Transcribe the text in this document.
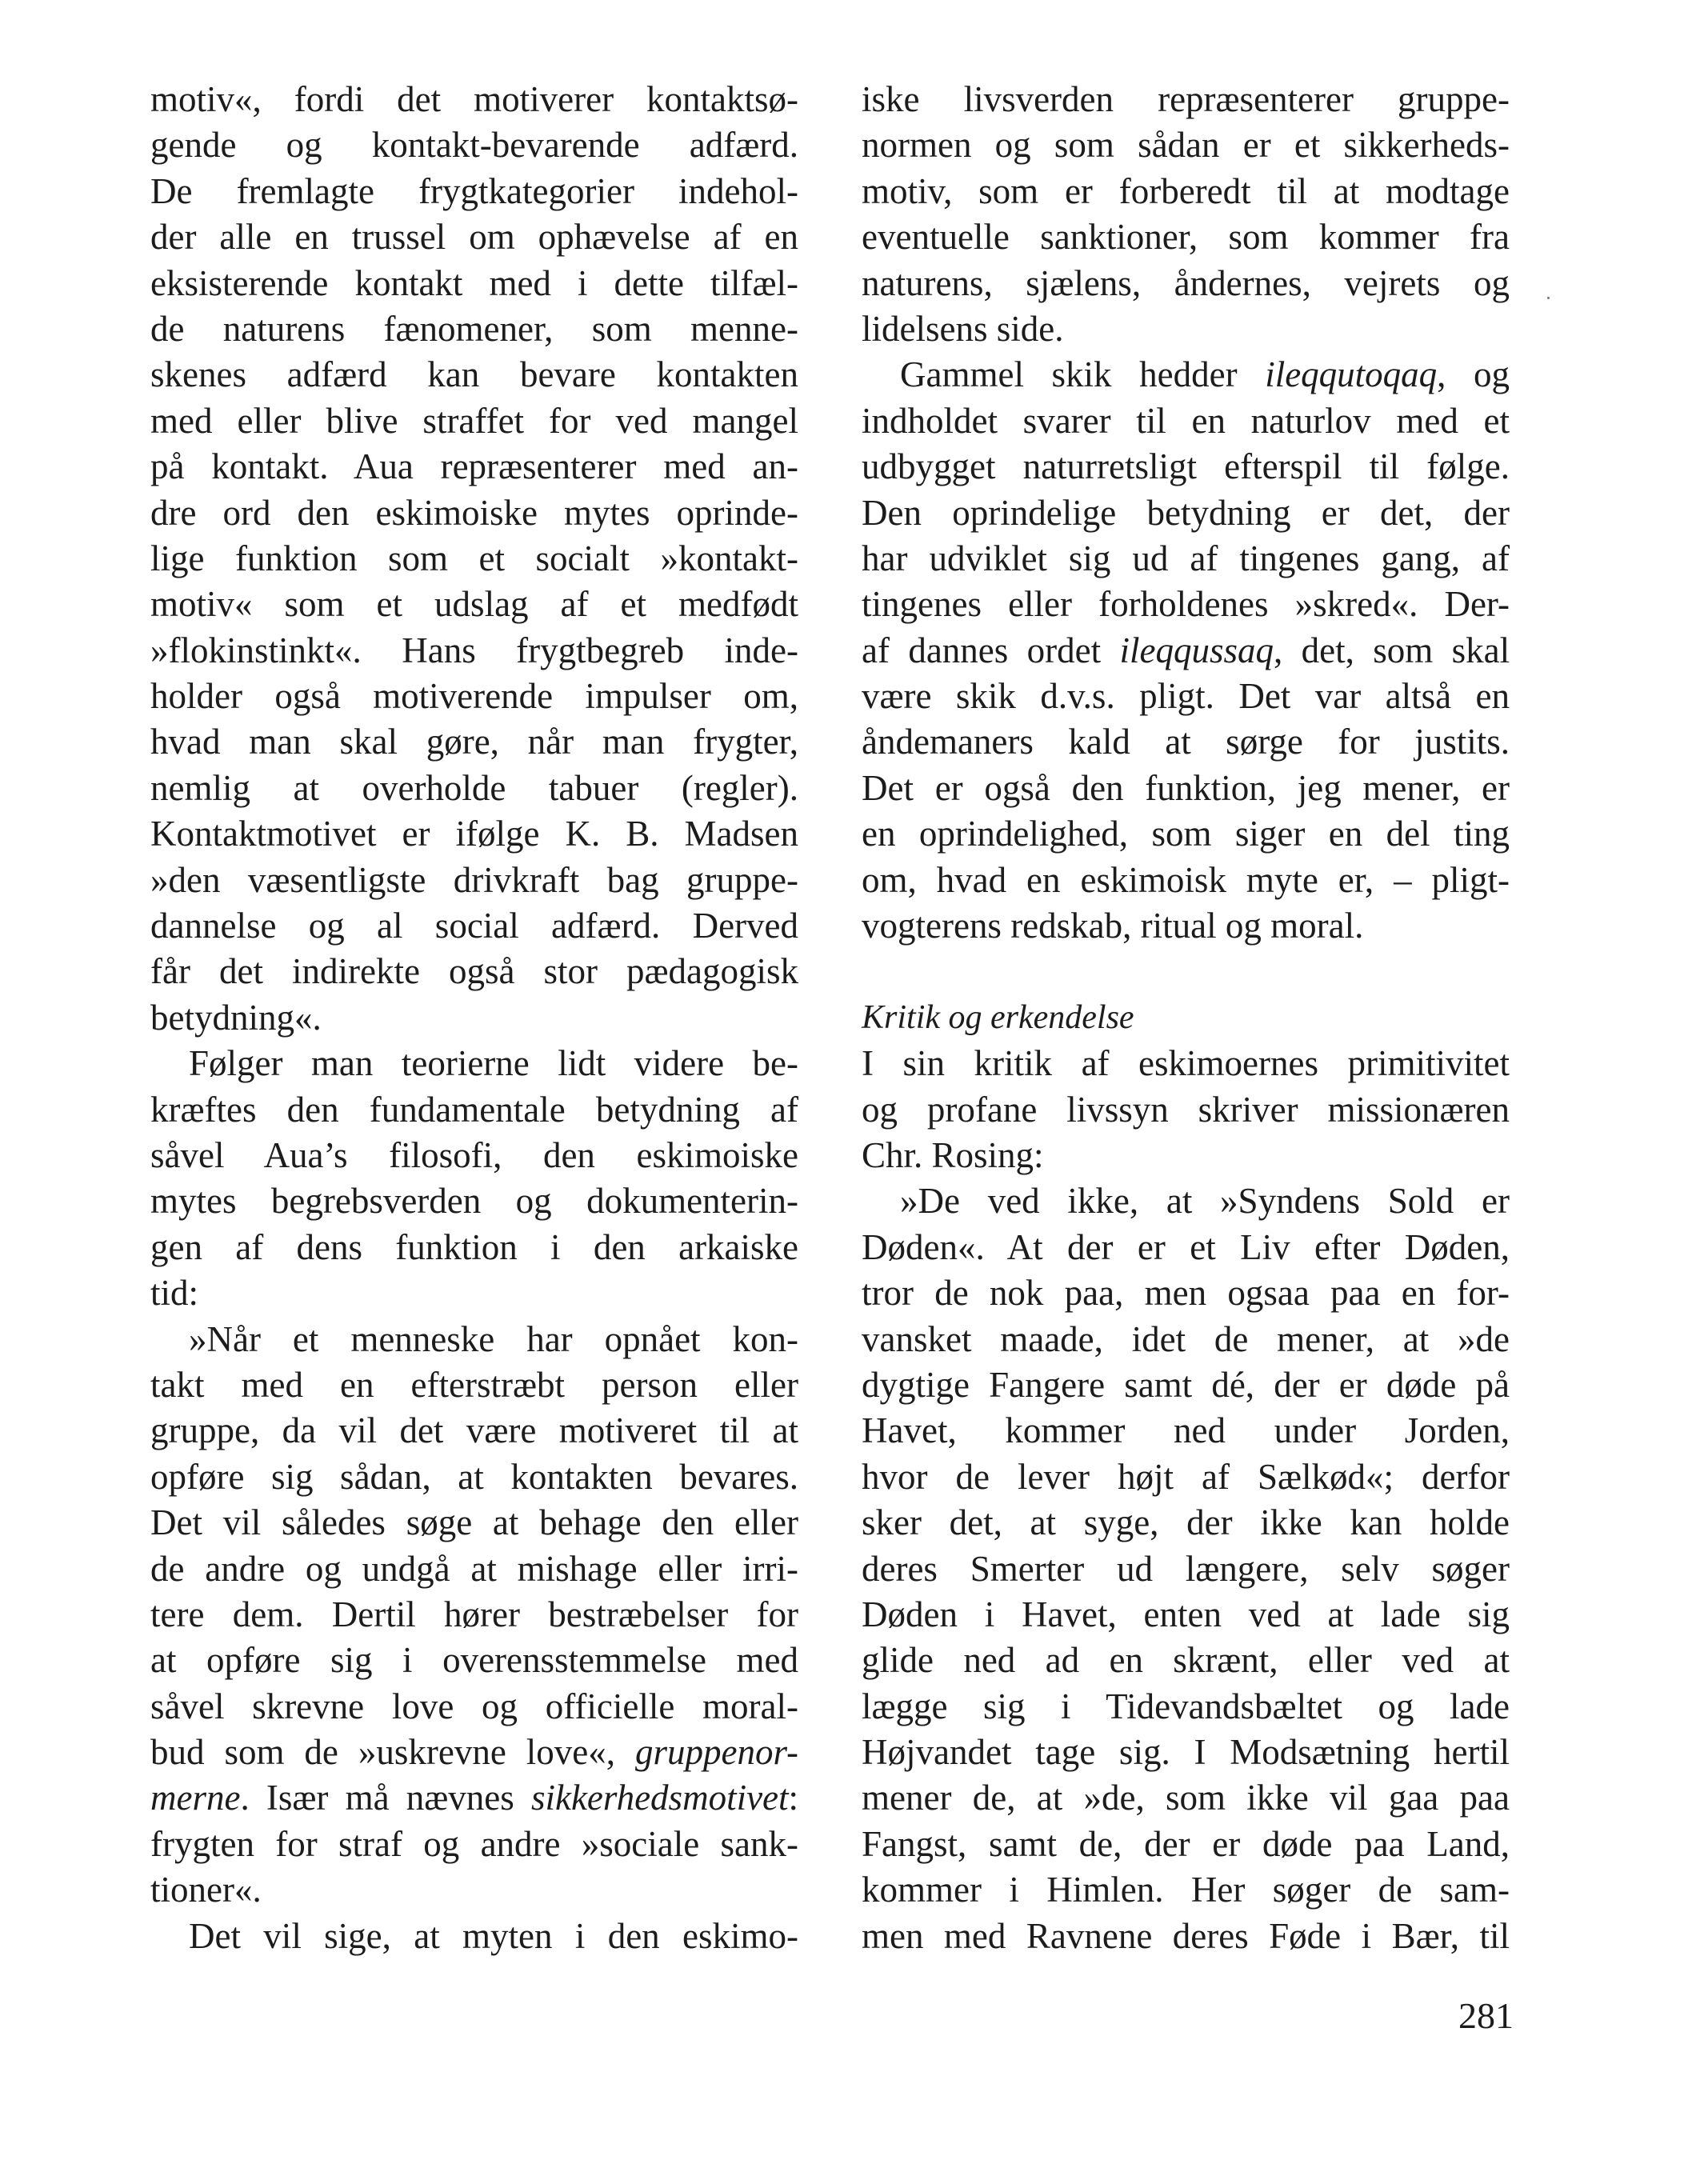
motiv«, fordi det motiverer kontaktsø-
gende og kontakt-bevarende adfærd.
De fremlagte frygtkategorier indehol-
der alle en trussel om ophævelse af en
eksisterende kontakt med i dette tilfæl-
de naturens fænomener, som menne-
skenes adfærd kan bevare kontakten
med eller blive straffet for ved mangel
på kontakt. Aua repræsenterer med an-
dre ord den eskimoiske mytes oprinde-
lige funktion som et socialt »kontakt-
motiv« som et udslag af et medfødt
»flokinstinkt«. Hans frygtbegreb inde-
holder også motiverende impulser om,
hvad man skal gøre, når man frygter,
nemlig at overholde tabuer (regler).
Kontaktmotivet er ifølge K. B. Madsen
»den væsentligste drivkraft bag gruppe-
dannelse og al social adfærd. Derved
får det indirekte også stor pædagogisk
betydning«.
Følger man teorierne lidt videre be-
kræftes den fundamentale betydning af
såvel Aua’s filosofi, den eskimoiske
mytes begrebsverden og dokumenterin-
gen af dens funktion i den arkaiske
tid:
»Når et menneske har opnået kon-
takt med en efterstræbt person eller
gruppe, da vil det være motiveret til at
opføre sig sådan, at kontakten bevares.
Det vil således søge at behage den eller
de andre og undgå at mishage eller irri-
tere dem. Dertil hører bestræbelser for
at opføre sig i overensstemmelse med
såvel skrevne love og officielle moral-
bud som de »uskrevne love«, gruppenor-
merne. Især må nævnes sikkerhedsmotivet:
frygten for straf og andre »sociale sank-
tioner«.
Det vil sige, at myten i den eskimo-
iske livsverden repræsenterer gruppe-
normen og som sådan er et sikkerheds-
motiv, som er forberedt til at modtage
eventuelle sanktioner, som kommer fra
naturens, sjælens, åndernes, vejrets og
lidelsens side.
Gammel skik hedder ileqqutoqaq, og
indholdet svarer til en naturlov med et
udbygget naturretsligt efterspil til følge.
Den oprindelige betydning er det, der
har udviklet sig ud af tingenes gang, af
tingenes eller forholdenes »skred«. Der-
af dannes ordet ileqqussaq, det, som skal
være skik d.v.s. pligt. Det var altså en
åndemaners kald at sørge for justits.
Det er også den funktion, jeg mener, er
en oprindelighed, som siger en del ting
om, hvad en eskimoisk myte er, – pligt-
vogterens redskab, ritual og moral.
Kritik og erkendelse
I sin kritik af eskimoernes primitivitet
og profane livssyn skriver missionæren
Chr. Rosing:
»De ved ikke, at »Syndens Sold er
Døden«. At der er et Liv efter Døden,
tror de nok paa, men ogsaa paa en for-
vansket maade, idet de mener, at »de
dygtige Fangere samt dé, der er døde på
Havet, kommer ned under Jorden,
hvor de lever højt af Sælkød«; derfor
sker det, at syge, der ikke kan holde
deres Smerter ud længere, selv søger
Døden i Havet, enten ved at lade sig
glide ned ad en skrænt, eller ved at
lægge sig i Tidevandsbæltet og lade
Højvandet tage sig. I Modsætning hertil
mener de, at »de, som ikke vil gaa paa
Fangst, samt de, der er døde paa Land,
kommer i Himlen. Her søger de sam-
men med Ravnene deres Føde i Bær, til
281
